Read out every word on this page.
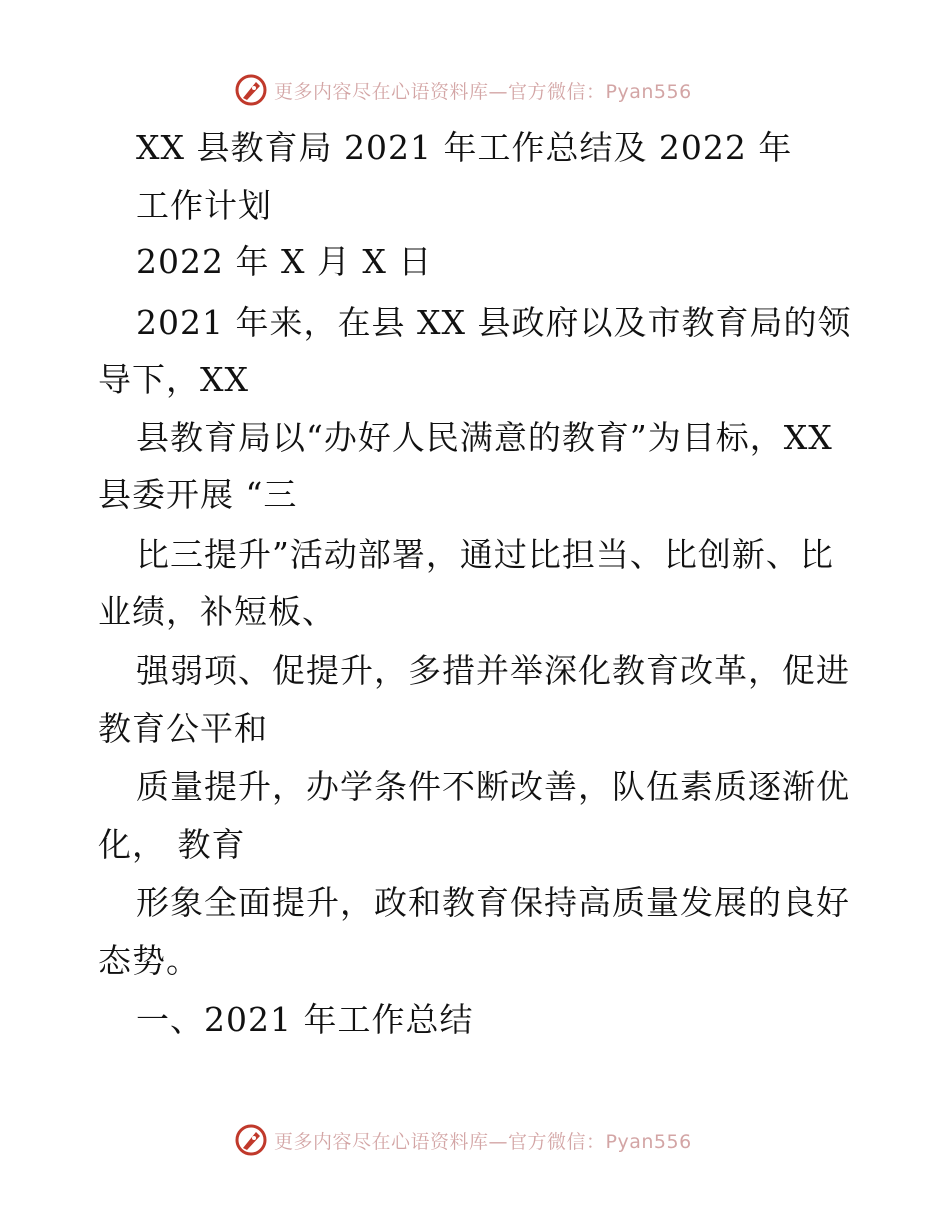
更多内容尽在心语资料库—官方微信：Pyan556
XX 县教育局 2021 年工作总结及 2022 年
工作计划
2022 年 X 月 X 日
2021 年来，在县 XX 县政府以及市教育局的领
导下，XX
县教育局以“办好人民满意的教育”为目标，XX
县委开展 “三
比三提升”活动部署，通过比担当、比创新、比
业绩，补短板、
强弱项、促提升，多措并举深化教育改革，促进
教育公平和
质量提升，办学条件不断改善，队伍素质逐渐优
化， 教育
形象全面提升，政和教育保持高质量发展的良好
态势。
一、2021 年工作总结
更多内容尽在心语资料库—官方微信：Pyan556
